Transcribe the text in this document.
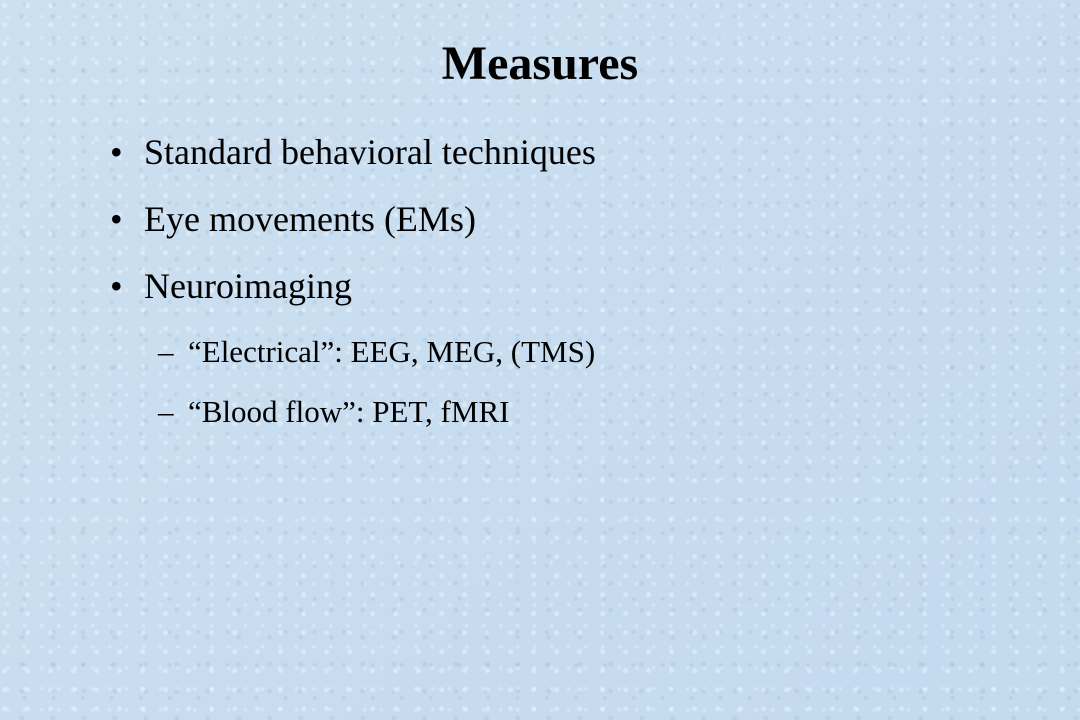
Measures
• Standard behavioral techniques
• Eye movements (EMs)
• Neuroimaging
– “Electrical”: EEG, MEG, (TMS)
– “Blood flow”: PET, fMRI
